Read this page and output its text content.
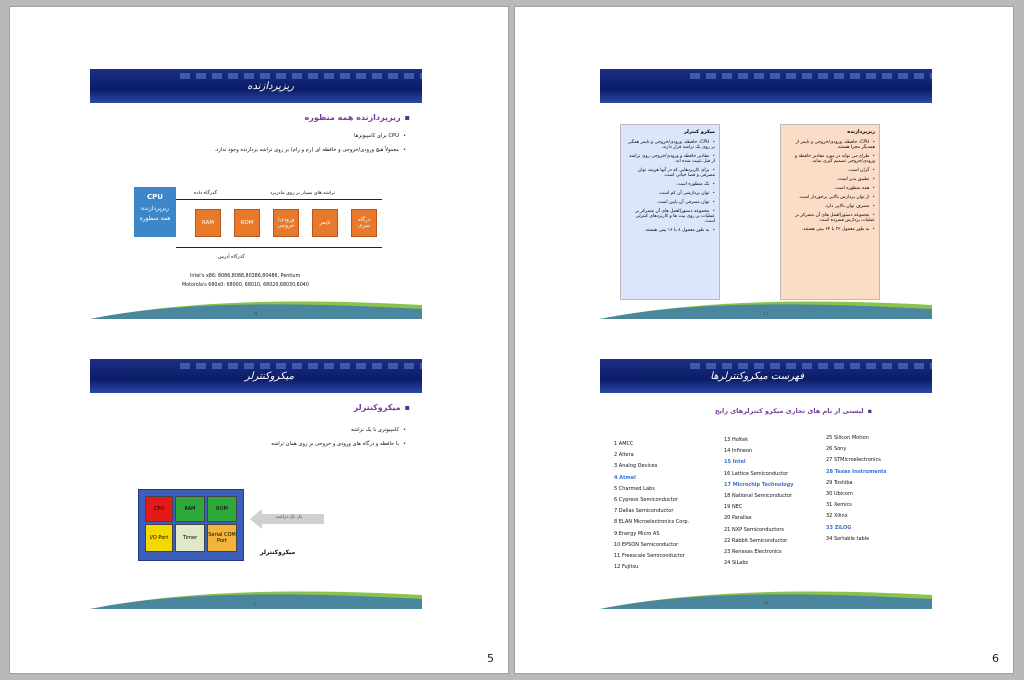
ریزپردازنده
▪ ریزپردازنده همه منظوره
• CPU برای کامپیوترها
• معمولاً هیچ ورودی/خروجی و حافظه ای (رم و رام) بر روی تراشه پردازنده وجود ندارد.
CPU
ریزپردازنده
همه منظوره
گذرگاه داده	تراشه های بسیار بر روی مادربرد
گذرگاه آدرس
RAM	ROM	ورودی/ خروجی	تایمر	درگاه سری
Intel's x86: 8086,8088,80386,80486, Pentium
Motorola's 680x0: 68000, 68010, 68020,68030,6040
۹
میکروکنترلر
▪ میکروکنترلر
• کامپیوتری با یک تراشه
• با حافظه و درگاه های ورودی و خروجی بر روی همان تراشه
CPU	RAM	ROM
I/O Port	Timer	Serial COM Port
یک تک تراشه
میکروکنترلر
۱۰
5
میکرو کنترلر
• CPU، حافظه، ورودی/خروجی و تایمر همگی بر روی یک تراشه قرار دارند.
• مقادیر حافظه و ورودی/خروجی روی تراشه از قبل تثبیت شده اند.
• برای کاربردهایی که در آنها هزینه، توان مصرفی و فضا حیاتی است.
• تک منظوره است.
• توان پردازشی آن کم است.
• توان مصرفی آن پایین است.
• مجموعه دستورالعمل های آن متمرکز بر عملیات بر روی بیت ها و کاربردهای کنترلی است.
• به طور معمول ۸ یا ۱۶ بیتی هستند.
ریزپردازنده
• CPU، حافظه، ورودی/خروجی و تایمر از همدیگر مجزا هستند.
• طراح می تواند در مورد مقادیر حافظه و ورودی/خروجی تصمیم گیری نماید.
• گران است.
• تطبیق پذیر است.
• همه منظوره است.
• از توان پردازش بالایی برخوردار است.
• مصرف توان بالایی دارد.
• مجموعه دستورالعمل های آن متمرکز بر عملیات پردازش فشرده است.
• به طور معمول ۳۲ یا ۶۴ بیتی هستند.
۱۱
فهرست میکروکنترلرها
▪ لیستی از نام های تجاری میکرو کنترلرهای رایج
1 AMCC
2 Altera
3 Analog Devices
4 Atmel
5 Charmed Labs
6 Cypress Semiconductor
7 Dallas Semiconductor
8 ELAN Microelectronics Corp.
9 Energy Micro AS
10 EPSON Semiconductor
11 Freescale Semiconductor
12 Fujitsu
13 Holtek
14 Infineon
15 Intel
16 Lattice Semiconductor
17 Microchip Technology
18 National Semiconductor
19 NEC
20 Parallax
21 NXP Semiconductors
22 Rabbit Semiconductor
23 Renesas Electronics
24 SiLabs
25 Silicon Motion
26 Sony
27 STMicroelectronics
28 Texas Instruments
29 Toshiba
30 Ubicom
31 Xemics
32 Xilinx
33 ZiLOG
34 Sortable table
۱۲
6
